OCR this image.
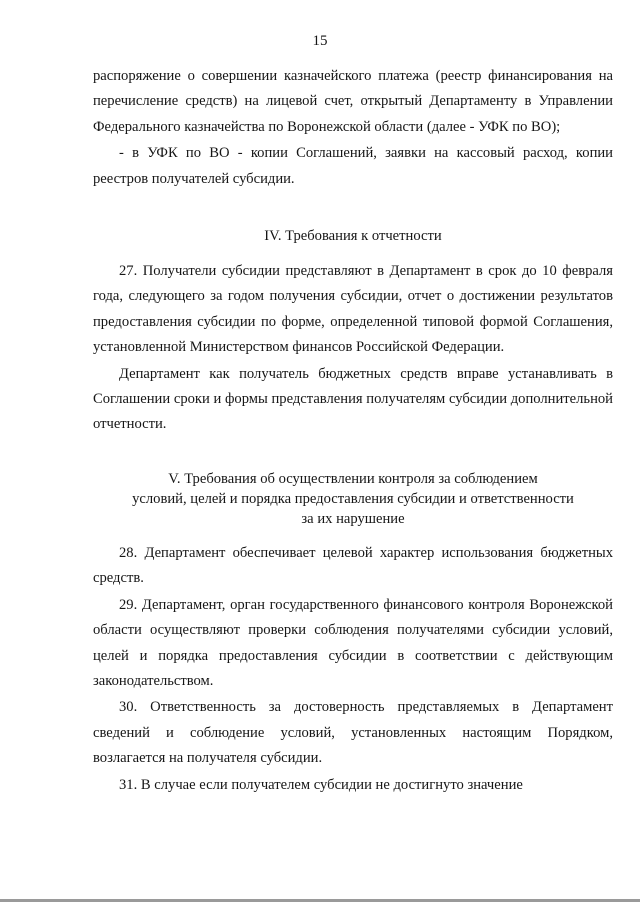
15

распоряжение о совершении казначейского платежа (реестр финансирования на перечисление средств) на лицевой счет, открытый Департаменту в Управлении Федерального казначейства по Воронежской области (далее - УФК по ВО);

- в УФК по ВО - копии Соглашений, заявки на кассовый расход, копии реестров получателей субсидии.

IV. Требования к отчетности

27. Получатели субсидии представляют в Департамент в срок до 10 февраля года, следующего за годом получения субсидии, отчет о достижении результатов предоставления субсидии по форме, определенной типовой формой Соглашения, установленной Министерством финансов Российской Федерации.

Департамент как получатель бюджетных средств вправе устанавливать в Соглашении сроки и формы представления получателям субсидии дополнительной отчетности.

V. Требования об осуществлении контроля за соблюдением

условий, целей и порядка предоставления субсидии и ответственности

за их нарушение

28. Департамент обеспечивает целевой характер использования бюджетных средств.

29. Департамент, орган государственного финансового контроля Воронежской области осуществляют проверки соблюдения получателями субсидии условий, целей и порядка предоставления субсидии в соответствии с действующим законодательством.

30. Ответственность за достоверность представляемых в Департамент сведений и соблюдение условий, установленных настоящим Порядком, возлагается на получателя субсидии.

31. В случае если получателем субсидии не достигнуто значение
